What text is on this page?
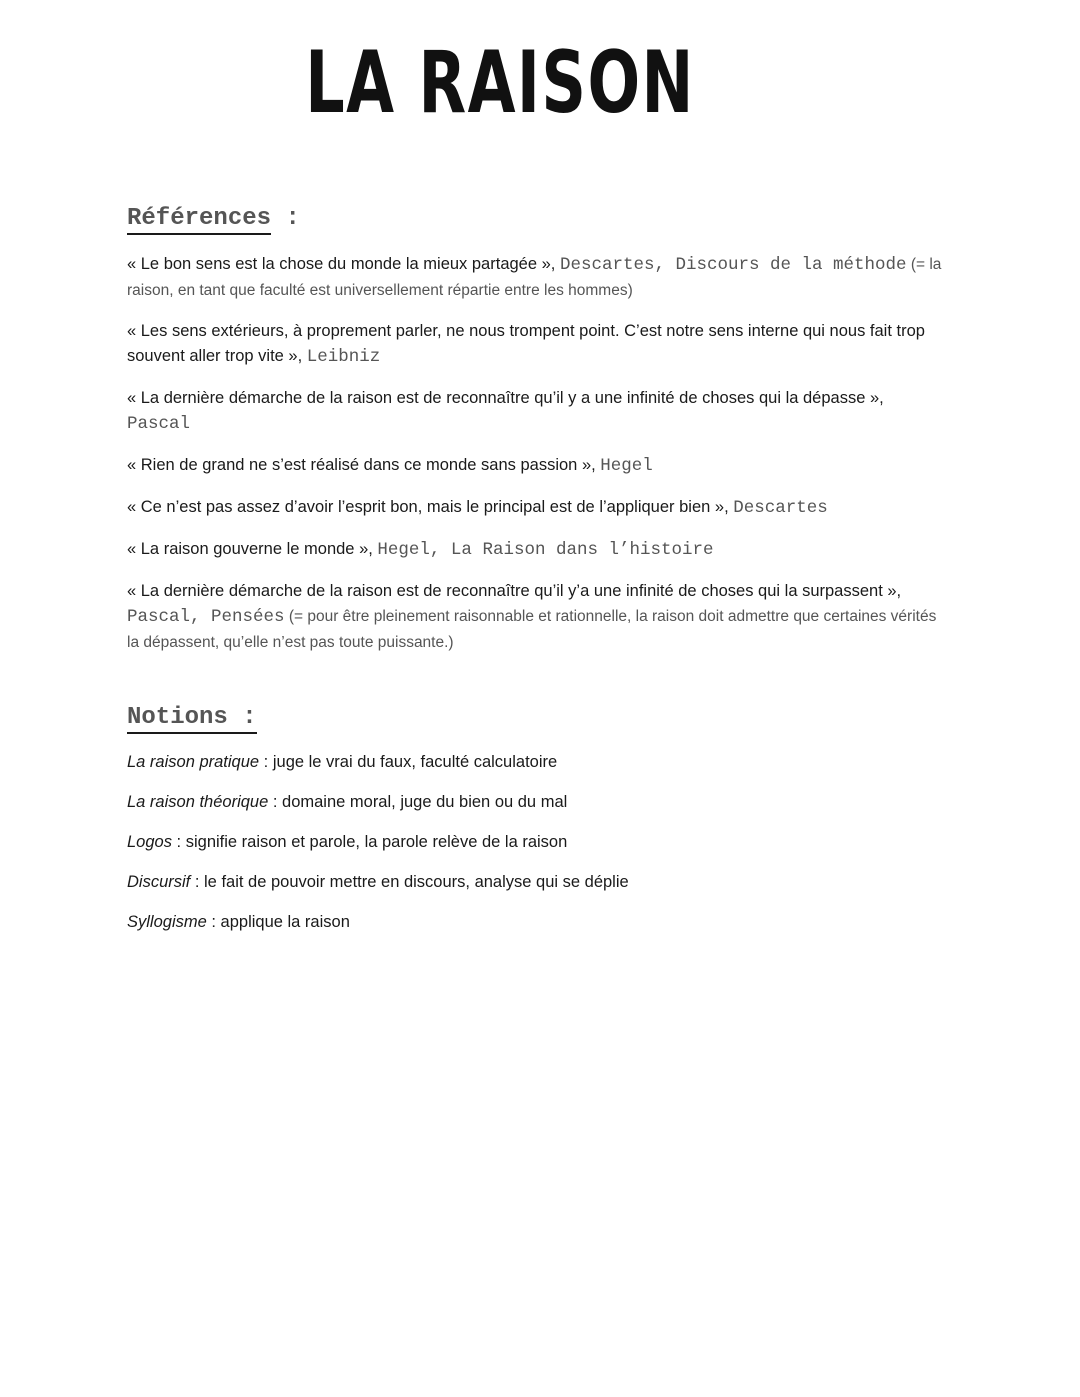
LA RAISON
Références :

« Le bon sens est la chose du monde la mieux partagée », Descartes, Discours de la méthode (= la raison, en tant que faculté est universellement répartie entre les hommes)

« Les sens extérieurs, à proprement parler, ne nous trompent point. C’est notre sens interne qui nous fait trop souvent aller trop vite », Leibniz

« La dernière démarche de la raison est de reconnaître qu’il y a une infinité de choses qui la dépasse », Pascal

« Rien de grand ne s’est réalisé dans ce monde sans passion », Hegel

« Ce n’est pas assez d’avoir l’esprit bon, mais le principal est de l’appliquer bien », Descartes

« La raison gouverne le monde », Hegel, La Raison dans l’histoire

« La dernière démarche de la raison est de reconnaître qu’il y’a une infinité de choses qui la surpassent », Pascal, Pensées (= pour être pleinement raisonnable et rationnelle, la raison doit admettre que certaines vérités la dépassent, qu’elle n’est pas toute puissante.)

Notions :

La raison pratique : juge le vrai du faux, faculté calculatoire

La raison théorique : domaine moral, juge du bien ou du mal

Logos : signifie raison et parole, la parole relève de la raison

Discursif : le fait de pouvoir mettre en discours, analyse qui se déplie

Syllogisme : applique la raison
